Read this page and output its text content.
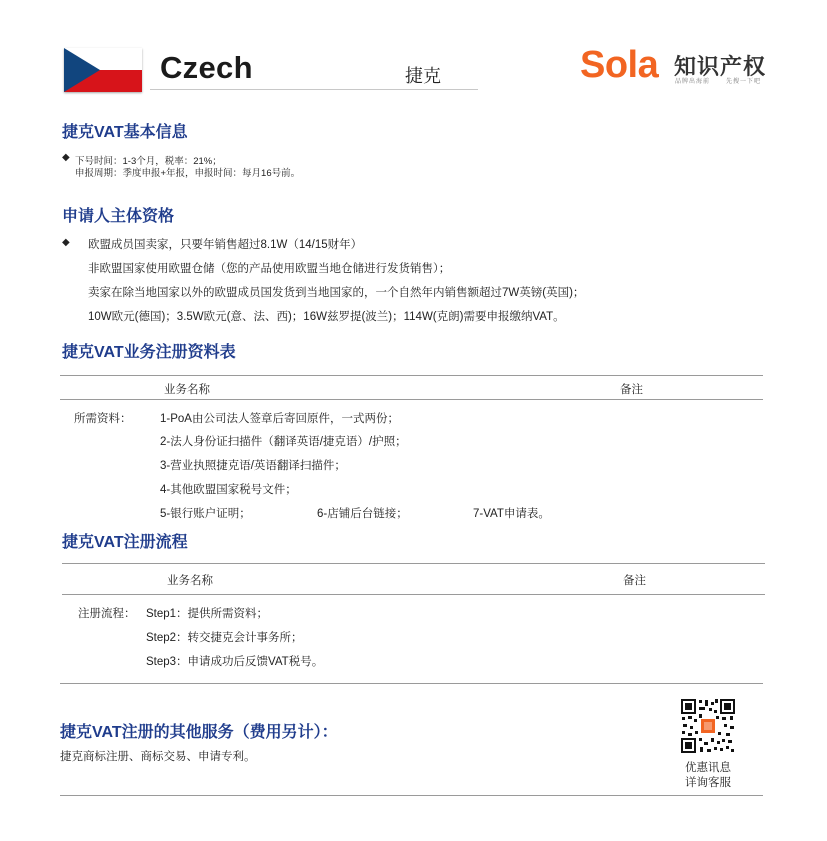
Czech	捷克	Sola 知识产权
品牌出海前	先搜一下吧
捷克VAT基本信息
◆ 下号时间：1-3个月，税率：21%；
申报周期：季度申报+年报，申报时间：每月16号前。
申请人主体资格
◆ 欧盟成员国卖家，只要年销售超过8.1W（14/15财年）
非欧盟国家使用欧盟仓储（您的产品使用欧盟当地仓储进行发货销售）；
卖家在除当地国家以外的欧盟成员国发货到当地国家的，一个自然年内销售额超过7W英镑(英国)；
10W欧元(德国)；3.5W欧元(意、法、西)；16W兹罗提(波兰)；114W(克朗)需要申报缴纳VAT。
捷克VAT业务注册资料表
业务名称	备注
所需资料： 1-PoA由公司法人签章后寄回原件，一式两份；
2-法人身份证扫描件（翻译英语/捷克语）/护照；
3-营业执照捷克语/英语翻译扫描件；
4-其他欧盟国家税号文件；
5-银行账户证明；	6-店铺后台链接；	7-VAT申请表。
捷克VAT注册流程
业务名称	备注
注册流程： Step1：提供所需资料；
Step2：转交捷克会计事务所；
Step3：申请成功后反馈VAT税号。
捷克VAT注册的其他服务（费用另计）：
捷克商标注册、商标交易、申请专利。
优惠讯息
详询客服
